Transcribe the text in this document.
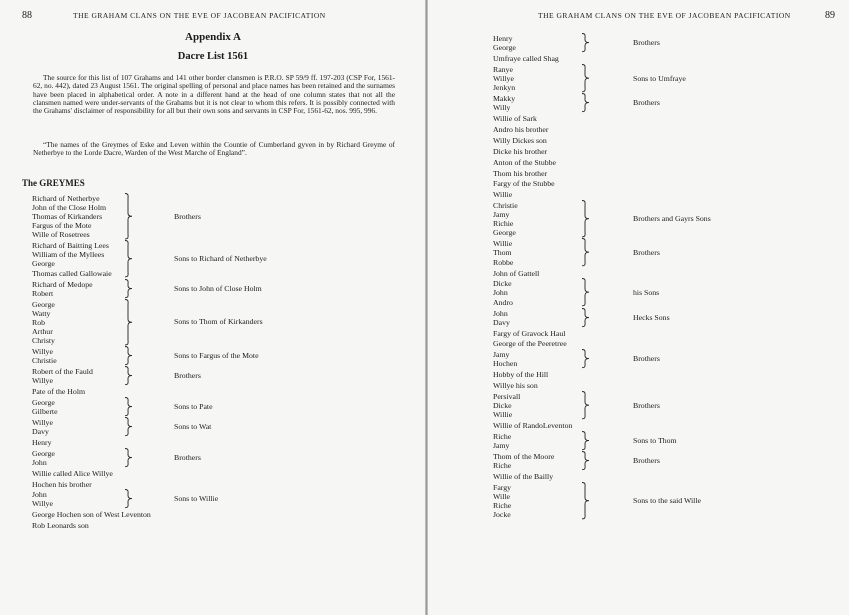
88	THE GRAHAM CLANS ON THE EVE OF JACOBEAN PACIFICATION
Appendix A
Dacre List 1561

The source for this list of 107 Grahams and 141 other border clansmen is P.R.O. SP 59/9 ff. 197-203 (CSP For, 1561-62, no. 442), dated 23 August 1561. The original spelling of personal and place names has been retained and the surnames have been placed in alphabetical order. A note in a different hand at the head of one column states that not all the clansmen named were under-servants of the Grahams but it is not clear to whom this refers. It is possibly connected with the Grahams' disclaimer of responsibility for all but their own sons and servants in CSP For, 1561-62, nos. 995, 996.

“The names of the Greymes of Eske and Leven within the Countie of Cumberland gyven in by Richard Greyme of Netherbye to the Lorde Dacre, Warden of the West Marche of England”.

The GREYMES
Richard of Netherbye
John of the Close Holm
Thomas of Kirkanders
Fargus of the Mote
Wille of Rosetrees
Brothers
Richard of Baitting Lees
William of the Myllees
George
Thomas called Gallowaie
Sons to Richard of Netherbye
Richard of Medope
Robert
Sons to John of Close Holm
George
Watty
Rob
Arthur
Christy
Sons to Thom of Kirkanders
Willye
Christie
Sons to Fargus of the Mote
Robert of the Fauld
Willye
Brothers
Pate of the Holm
George
Gilberte
Sons to Pate
Willye
Davy
Sons to Wat
Henry
George
John
Brothers
Willie called Alice Willye
Hochen his brother
John
Willye
Sons to Willie
George Hochen son of West Leventon
Rob Leonards son
THE GRAHAM CLANS ON THE EVE OF JACOBEAN PACIFICATION	89
Henry
George
Brothers
Umfraye called Shag
Ranye
Willye
Jenkyn
Sons to Umfraye
Makky
Willy
Brothers
Willie of Sark
Andro his brother
Willy Dickes son
Dicke his brother
Anton of the Stubbe
Thom his brother
Fargy of the Stubbe
Willie
Christie
Jamy
Richie
George
Brothers and Gayrs Sons
Willie
Thom
Robbe
Brothers
John of Gattell
Dicke
John
Andro
his Sons
John
Davy
Hecks Sons
Fargy of Gravock Haul
George of the Peeretree
Jamy
Hochen
Brothers
Hobby of the Hill
Willye his son
Persivall
Dicke
Willie
Brothers
Willie of RandoLeventon
Riche
Jamy
Sons to Thom
Thom of the Moore
Riche
Brothers
Willie of the Bailly
Fargy
Wille
Riche
Jocke
Sons to the said Wille
